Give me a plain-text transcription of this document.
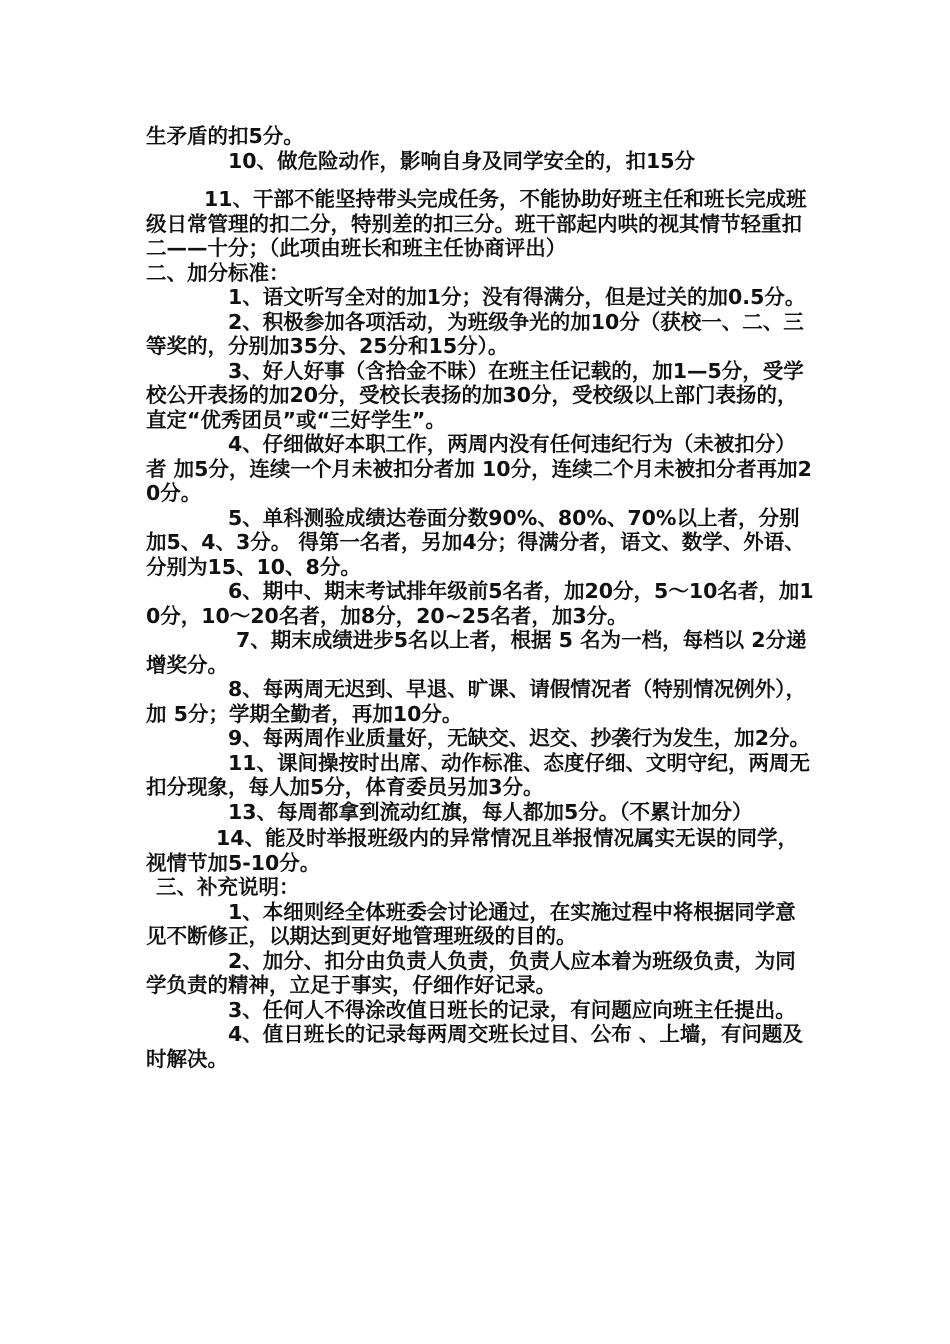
生矛盾的扣5分。

10、做危险动作，影响自身及同学安全的，扣15分

11、干部不能坚持带头完成任务，不能协助好班主任和班长完成班级日常管理的扣二分，特别差的扣三分。班干部起内哄的视其情节轻重扣二——十分；（此项由班长和班主任协商评出）

二、加分标准：

1、语文听写全对的加1分；没有得满分，但是过关的加0.5分。

2、积极参加各项活动，为班级争光的加10分（获校一、二、三等奖的，分别加35分、25分和15分）。

3、好人好事（含拾金不昧）在班主任记载的，加1—5分，受学校公开表扬的加20分，受校长表扬的加30分，受校级以上部门表扬的，直定“优秀团员”或“三好学生”。

4、仔细做好本职工作，两周内没有任何违纪行为（未被扣分）者 加5分，连续一个月未被扣分者加 10分，连续二个月未被扣分者再加20分。

5、单科测验成绩达卷面分数90%、80%、70%以上者，分别加5、4、3分。 得第一名者，另加4分；得满分者，语文、数学、外语、分别为15、10、8分。

6、期中、期末考试排年级前5名者，加20分，5～10名者，加10分，10～20名者，加8分，20~25名者，加3分。

7、期末成绩进步5名以上者，根据 5 名为一档，每档以 2分递增奖分。

8、每两周无迟到、早退、旷课、请假情况者（特别情况例外），加 5分；学期全勤者，再加10分。

9、每两周作业质量好，无缺交、迟交、抄袭行为发生，加2分。

11、课间操按时出席、动作标准、态度仔细、文明守纪，两周无扣分现象，每人加5分，体育委员另加3分。

13、每周都拿到流动红旗，每人都加5分。（不累计加分）

14、能及时举报班级内的异常情况且举报情况属实无误的同学，视情节加5-10分。

三、补充说明：

1、本细则经全体班委会讨论通过，在实施过程中将根据同学意见不断修正，以期达到更好地管理班级的目的。

2、加分、扣分由负责人负责，负责人应本着为班级负责，为同学负责的精神，立足于事实，仔细作好记录。

3、任何人不得涂改值日班长的记录，有问题应向班主任提出。

4、值日班长的记录每两周交班长过目、公布 、上墙，有问题及时解决。
